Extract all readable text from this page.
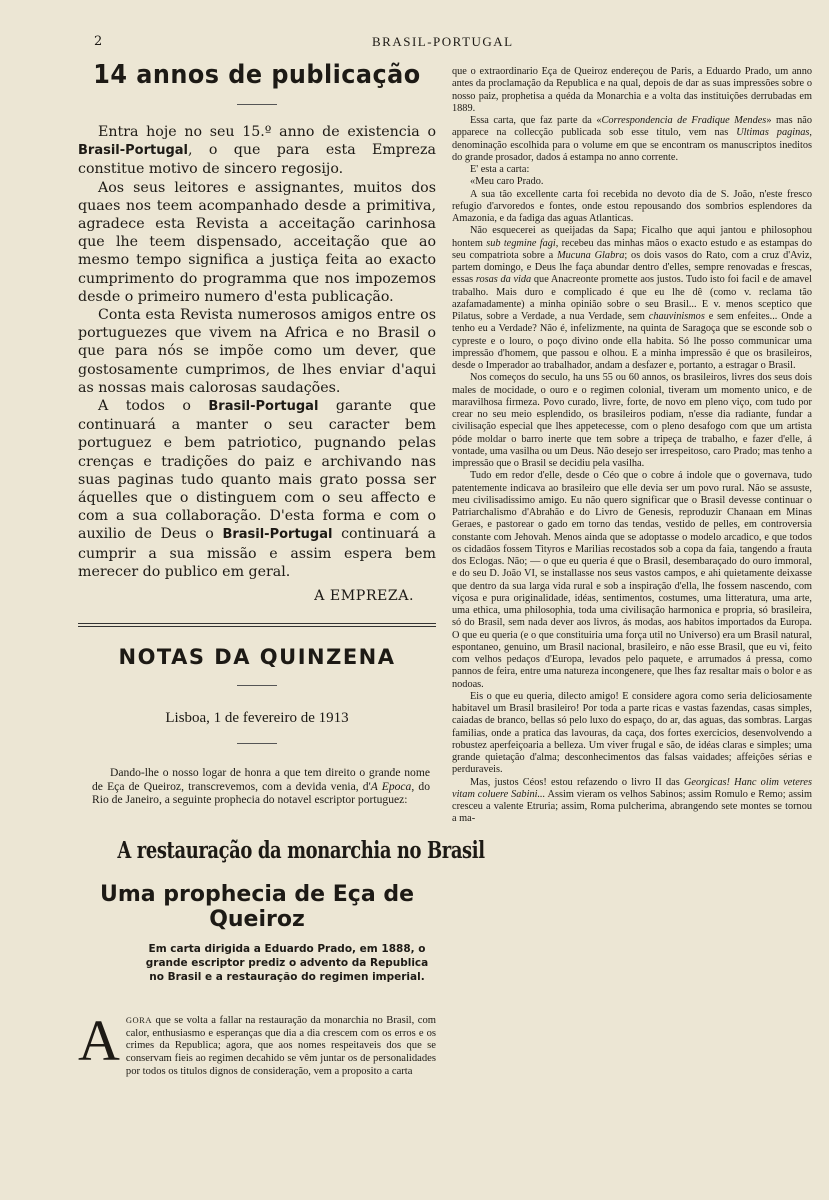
2	BRASIL-PORTUGAL
14 annos de publicação

Entra hoje no seu 15.º anno de existencia o Brasil-Portugal, o que para esta Empreza constitue motivo de sincero regosijo.

Aos seus leitores e assignantes, muitos dos quaes nos teem acompanhado desde a primitiva, agradece esta Revista a acceitação carinhosa que lhe teem dispensado, acceitação que ao mesmo tempo significa a justiça feita ao exacto cumprimento do programma que nos impozemos desde o primeiro numero d'esta publicação.

Conta esta Revista numerosos amigos entre os portuguezes que vivem na Africa e no Brasil o que para nós se impõe como um dever, que gostosamente cumprimos, de lhes enviar d'aqui as nossas mais calorosas saudações.

A todos o Brasil-Portugal garante que continuará a manter o seu caracter bem portuguez e bem patriotico, pugnando pelas crenças e tradições do paiz e archivando nas suas paginas tudo quanto mais grato possa ser áquelles que o distinguem com o seu affecto e com a sua collaboração. D'esta forma e com o auxilio de Deus o Brasil-Portugal continuará a cumprir a sua missão e assim espera bem merecer do publico em geral.

A EMPREZA.

NOTAS DA QUINZENA
Lisboa, 1 de fevereiro de 1913

Dando-lhe o nosso logar de honra a que tem direito o grande nome de Eça de Queiroz, transcrevemos, com a devida venia, d'A Epoca, do Rio de Janeiro, a seguinte prophecia do notavel escriptor portuguez:

A restauração da monarchia no Brasil
Uma prophecia de Eça de Queiroz
Em carta dirigida a Eduardo Prado, em 1888, o grande escriptor prediz o advento da Republica no Brasil e a restauração do regimen imperial.

AGORA que se volta a fallar na restauração da monarchia no Brasil, com calor, enthusiasmo e esperanças que dia a dia crescem com os erros e os crimes da Republica; agora, que aos nomes respeitaveis dos que se conservam fieis ao regimen decahido se vêm juntar os de personalidades por todos os titulos dignos de consideração, vem a proposito a carta

que o extraordinario Eça de Queiroz endereçou de Paris, a Eduardo Prado, um anno antes da proclamação da Republica e na qual, depois de dar as suas impressões sobre o nosso paiz, prophetisa a quéda da Monarchia e a volta das instituições derrubadas em 1889.

Essa carta, que faz parte da «Correspondencia de Fradique Mendes» mas não apparece na collecção publicada sob esse titulo, vem nas Ultimas paginas, denominação escolhida para o volume em que se encontram os manuscriptos ineditos do grande prosador, dados á estampa no anno corrente.

E' esta a carta:

«Meu caro Prado.

A sua tão excellente carta foi recebida no devoto dia de S. João, n'este fresco refugio d'arvoredos e fontes, onde estou repousando dos sombrios esplendores da Amazonia, e da fadiga das aguas Atlanticas.

Não esquecerei as queijadas da Sapa; Ficalho que aqui jantou e philosophou hontem sub tegmine fagi, recebeu das minhas mãos o exacto estudo e as estampas do seu compatriota sobre a Mucuna Glabra; os dois vasos do Rato, com a cruz d'Aviz, partem domingo, e Deus lhe faça abundar dentro d'elles, sempre renovadas e frescas, essas rosas da vida que Anacreonte promette aos justos. Tudo isto foi facil e de amavel trabalho. Mais duro e complicado é que eu lhe dê (como v. reclama tão azafamadamente) a minha opinião sobre o seu Brasil... E v. menos sceptico que Pilatus, sobre a Verdade, a nua Verdade, sem chauvinismos e sem enfeites... Onde a tenho eu a Verdade? Não é, infelizmente, na quinta de Saragoça que se esconde sob o cypreste e o louro, o poço divino onde ella habita. Só lhe posso communicar uma impressão d'homem, que passou e olhou. E a minha impressão é que os brasileiros, desde o Imperador ao trabalhador, andam a desfazer e, portanto, a estragar o Brasil.

Nos começos do seculo, ha uns 55 ou 60 annos, os brasileiros, livres dos seus dois males de mocidade, o ouro e o regimen colonial, tiveram um momento unico, e de maravilhosa firmeza. Povo curado, livre, forte, de novo em pleno viço, com tudo por crear no seu meio esplendido, os brasileiros podiam, n'esse dia radiante, fundar a civilisação especial que lhes appetecesse, com o pleno desafogo com que um artista póde moldar o barro inerte que tem sobre a tripeça de trabalho, e fazer d'elle, á vontade, uma vasilha ou um Deus. Não desejo ser irrespeitoso, caro Prado; mas tenho a impressão que o Brasil se decidiu pela vasilha.

Tudo em redor d'elle, desde o Céo que o cobre á indole que o governava, tudo patentemente indicava ao brasileiro que elle devia ser um povo rural. Não se assuste, meu civilisadissimo amigo. Eu não quero significar que o Brasil devesse continuar o Patriarchalismo d'Abrahão e do Livro de Genesis, reproduzir Chanaan em Minas Geraes, e pastorear o gado em torno das tendas, vestido de pelles, em controversia constante com Jehovah. Menos ainda que se adoptasse o modelo arcadico, e que todos os cidadãos fossem Tityros e Marilias recostados sob a copa da faia, tangendo a frauta dos Eclogas. Não; — o que eu queria é que o Brasil, desembaraçado do ouro immoral, e do seu D. João VI, se installasse nos seus vastos campos, e ahi quietamente deixasse que dentro da sua larga vida rural e sob a inspiração d'ella, lhe fossem nascendo, com viçosa e pura originalidade, idéas, sentimentos, costumes, uma litteratura, uma arte, uma ethica, uma philosophia, toda uma civilisação harmonica e propria, só brasileira, só do Brasil, sem nada dever aos livros, ás modas, aos habitos importados da Europa. O que eu queria (e o que constituiria uma força util no Universo) era um Brasil natural, espontaneo, genuino, um Brasil nacional, brasileiro, e não esse Brasil, que eu vi, feito com velhos pedaços d'Europa, levados pelo paquete, e arrumados á pressa, como pannos de feira, entre uma natureza incongenere, que lhes faz resaltar mais o bolor e as nodoas.

Eis o que eu queria, dilecto amigo! E considere agora como seria deliciosamente habitavel um Brasil brasileiro! Por toda a parte ricas e vastas fazendas, casas simples, caiadas de branco, bellas só pelo luxo do espaço, do ar, das aguas, das sombras. Largas familias, onde a pratica das lavouras, da caça, dos fortes exercicios, desenvolvendo a robustez aperfeiçoaria a belleza. Um viver frugal e são, de idéas claras e simples; uma grande quietação d'alma; desconhecimentos das falsas vaidades; affeições sérias e perduraveis.

Mas, justos Céos! estou refazendo o livro II das Georgicas! Hanc olim veteres vitam coluere Sabini... Assim vieram os velhos Sabinos; assim Romulo e Remo; assim cresceu a valente Etruria; assim, Roma pulcherima, abrangendo sete montes se tornou a ma-
